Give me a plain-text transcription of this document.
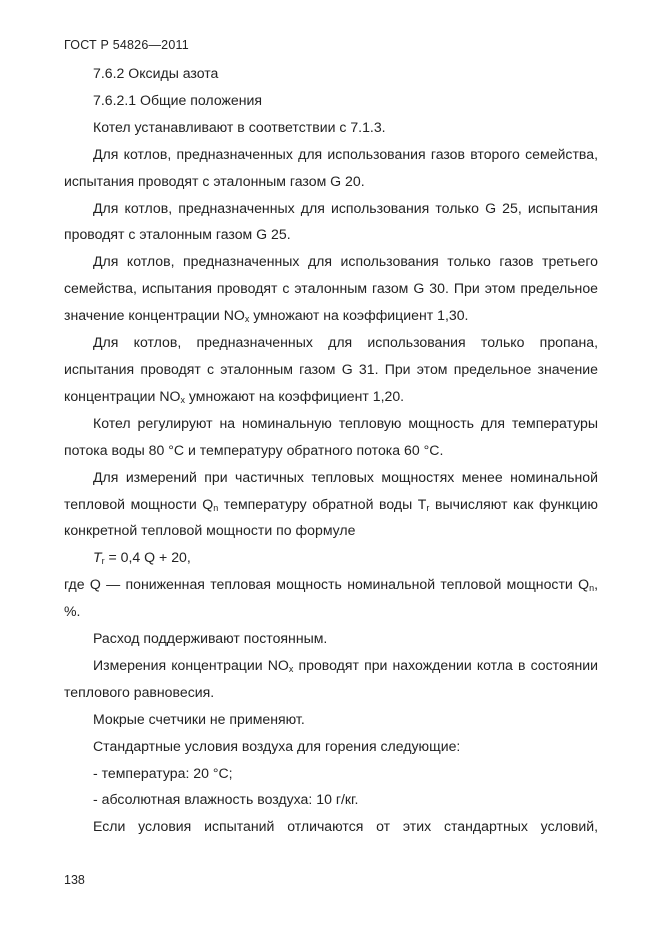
ГОСТ Р 54826—2011

7.6.2 Оксиды азота

7.6.2.1 Общие положения

Котел устанавливают в соответствии с 7.1.3.

Для котлов, предназначенных для использования газов второго семейства, испытания проводят с эталонным газом G 20.

Для котлов, предназначенных для использования только G 25, испытания проводят с эталонным газом G 25.

Для котлов, предназначенных для использования только газов третьего семейства, испытания проводят с эталонным газом G 30. При этом предельное значение концентрации $NO_x$ умножают на коэффициент 1,30.

Для котлов, предназначенных для использования только пропана, испытания проводят с эталонным газом G 31. При этом предельное значение концентрации $NO_x$ умножают на коэффициент 1,20.

Котел регулируют на номинальную тепловую мощность для температуры потока воды 80 °C и температуру обратного потока 60 °C.

Для измерений при частичных тепловых мощностях менее номинальной тепловой мощности $Q_n$ температуру обратной воды $T_r$ вычисляют как функцию конкретной тепловой мощности по формуле

$T_r = 0,4$ Q + 20,

где Q — пониженная тепловая мощность номинальной тепловой мощности $Q_n$, %.

Расход поддерживают постоянным.

Измерения концентрации $NO_x$ проводят при нахождении котла в состоянии теплового равновесия.

Мокрые счетчики не применяют.

Стандартные условия воздуха для горения следующие:

- температура: 20 °C;

- абсолютная влажность воздуха: 10 г/кг.

Если условия испытаний отличаются от этих стандартных условий,

138
